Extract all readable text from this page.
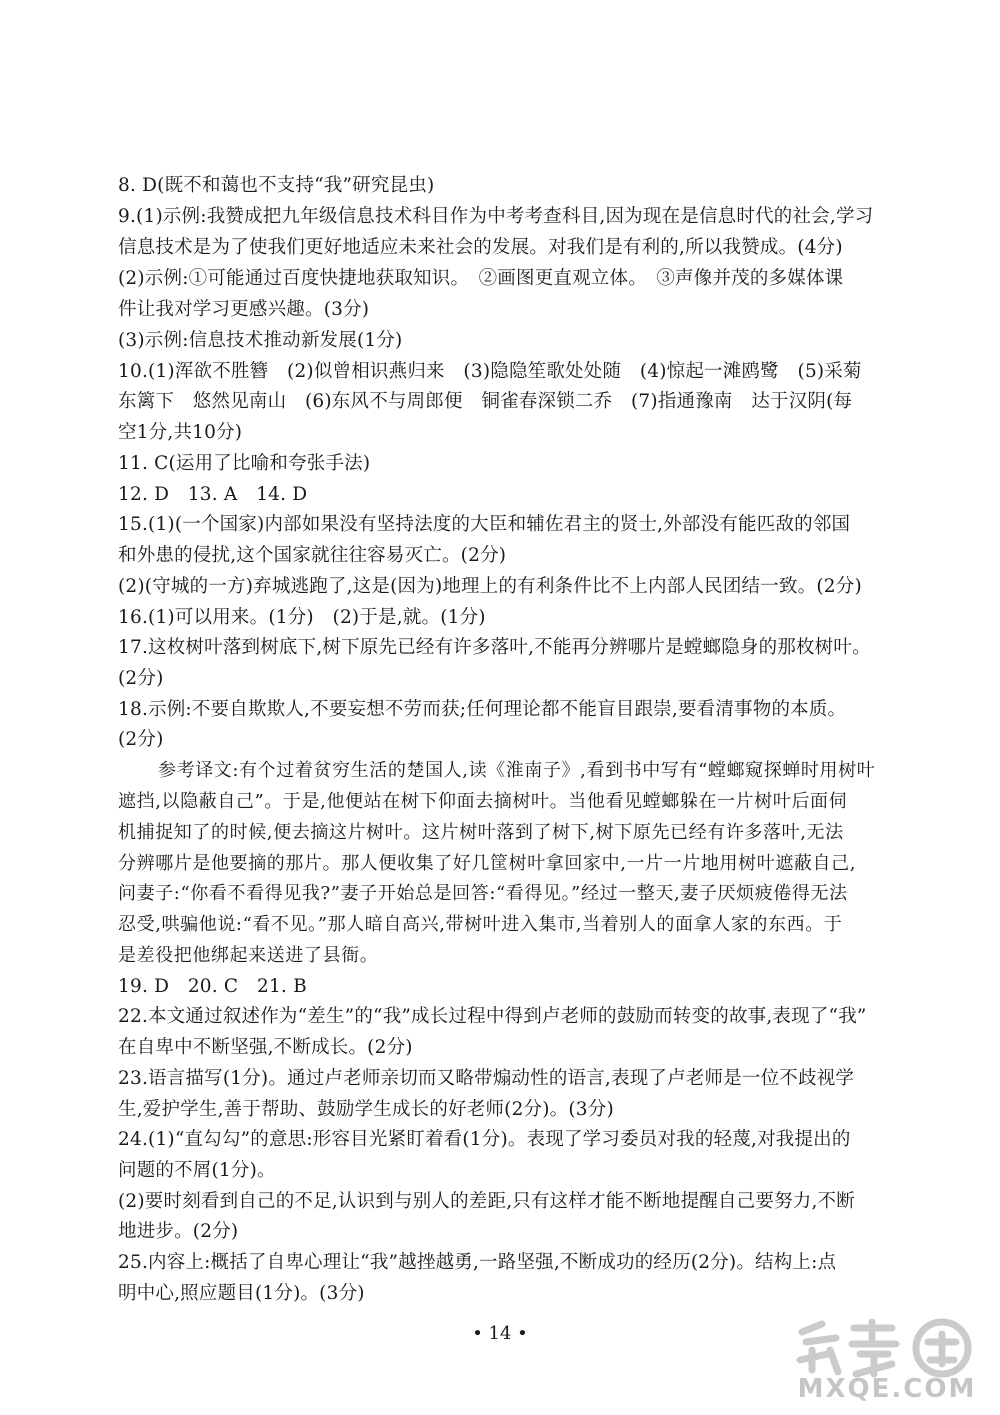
8. D(既不和蔼也不支持“我”研究昆虫)
9.(1)示例:我赞成把九年级信息技术科目作为中考考查科目,因为现在是信息时代的社会,学习
信息技术是为了使我们更好地适应未来社会的发展。对我们是有利的,所以我赞成。(4分)
(2)示例:①可能通过百度快捷地获取知识。　②画图更直观立体。　③声像并茂的多媒体课
件让我对学习更感兴趣。(3分)
(3)示例:信息技术推动新发展(1分)
10.(1)浑欲不胜簪　(2)似曾相识燕归来　(3)隐隐笙歌处处随　(4)惊起一滩鸥鹭　(5)采菊
东篱下　悠然见南山　(6)东风不与周郎便　铜雀春深锁二乔　(7)指通豫南　达于汉阴(每
空1分,共10分)
11. C(运用了比喻和夸张手法)
12. D　13. A　14. D
15.(1)(一个国家)内部如果没有坚持法度的大臣和辅佐君主的贤士,外部没有能匹敌的邻国
和外患的侵扰,这个国家就往往容易灭亡。(2分)
(2)(守城的一方)弃城逃跑了,这是(因为)地理上的有利条件比不上内部人民团结一致。(2分)
16.(1)可以用来。(1分)　(2)于是,就。(1分)
17.这枚树叶落到树底下,树下原先已经有许多落叶,不能再分辨哪片是螳螂隐身的那枚树叶。
(2分)
18.示例:不要自欺欺人,不要妄想不劳而获;任何理论都不能盲目跟崇,要看清事物的本质。
(2分)
参考译文:有个过着贫穷生活的楚国人,读《淮南子》,看到书中写有“螳螂窥探蝉时用树叶
遮挡,以隐蔽自己”。于是,他便站在树下仰面去摘树叶。当他看见螳螂躲在一片树叶后面伺
机捕捉知了的时候,便去摘这片树叶。这片树叶落到了树下,树下原先已经有许多落叶,无法
分辨哪片是他要摘的那片。那人便收集了好几筐树叶拿回家中,一片一片地用树叶遮蔽自己,
问妻子:“你看不看得见我?”妻子开始总是回答:“看得见。”经过一整天,妻子厌烦疲倦得无法
忍受,哄骗他说:“看不见。”那人暗自高兴,带树叶进入集市,当着别人的面拿人家的东西。于
是差役把他绑起来送进了县衙。
19. D　20. C　21. B
22.本文通过叙述作为“差生”的“我”成长过程中得到卢老师的鼓励而转变的故事,表现了“我”
在自卑中不断坚强,不断成长。(2分)
23.语言描写(1分)。通过卢老师亲切而又略带煽动性的语言,表现了卢老师是一位不歧视学
生,爱护学生,善于帮助、鼓励学生成长的好老师(2分)。(3分)
24.(1)“直勾勾”的意思:形容目光紧盯着看(1分)。表现了学习委员对我的轻蔑,对我提出的
问题的不屑(1分)。
(2)要时刻看到自己的不足,认识到与别人的差距,只有这样才能不断地提醒自己要努力,不断
地进步。(2分)
25.内容上:概括了自卑心理让“我”越挫越勇,一路坚强,不断成功的经历(2分)。结构上:点
明中心,照应题目(1分)。(3分)
• 14 •
MXQE.COM
